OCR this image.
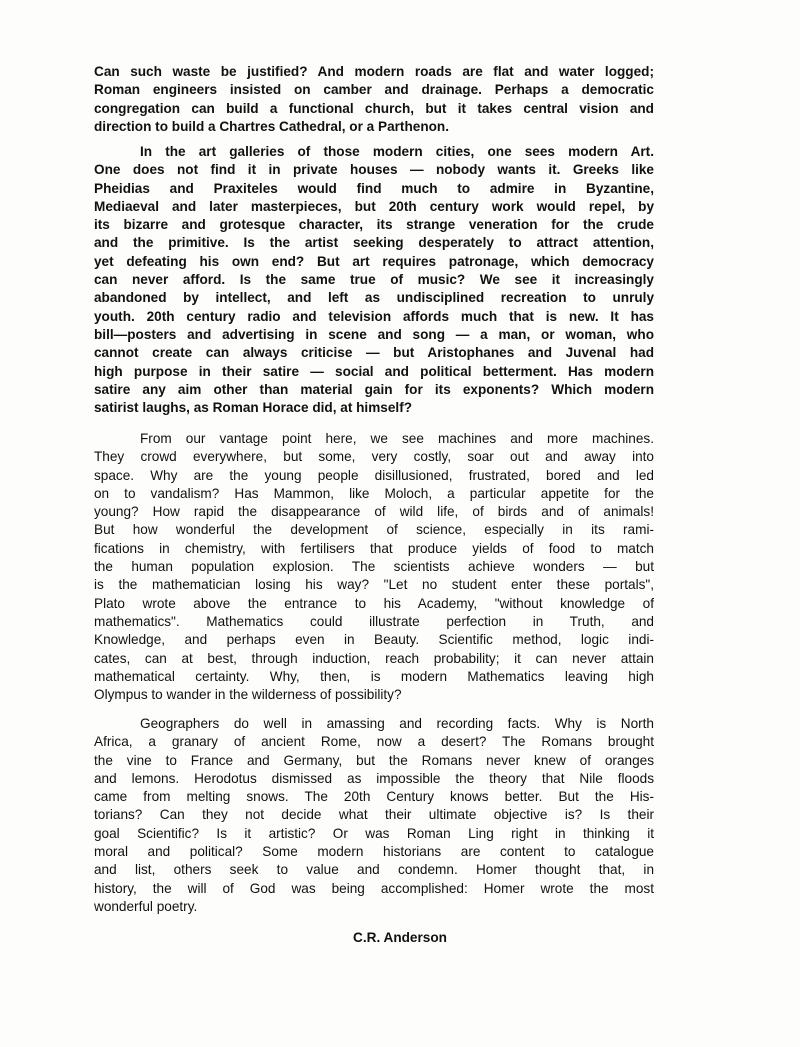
Can such waste be justified? And modern roads are flat and water logged;
Roman engineers insisted on camber and drainage. Perhaps a democratic
congregation can build a functional church, but it takes central vision and
direction to build a Chartres Cathedral, or a Parthenon.
In the art galleries of those modern cities, one sees modern Art.
One does not find it in private houses — nobody wants it. Greeks like
Pheidias and Praxiteles would find much to admire in Byzantine,
Mediaeval and later masterpieces, but 20th century work would repel, by
its bizarre and grotesque character, its strange veneration for the crude
and the primitive. Is the artist seeking desperately to attract attention,
yet defeating his own end? But art requires patronage, which democracy
can never afford. Is the same true of music? We see it increasingly
abandoned by intellect, and left as undisciplined recreation to unruly
youth. 20th century radio and television affords much that is new. It has
bill—posters and advertising in scene and song — a man, or woman, who
cannot create can always criticise — but Aristophanes and Juvenal had
high purpose in their satire — social and political betterment. Has modern
satire any aim other than material gain for its exponents? Which modern
satirist laughs, as Roman Horace did, at himself?
From our vantage point here, we see machines and more machines.
They crowd everywhere, but some, very costly, soar out and away into
space. Why are the young people disillusioned, frustrated, bored and led
on to vandalism? Has Mammon, like Moloch, a particular appetite for the
young? How rapid the disappearance of wild life, of birds and of animals!
But how wonderful the development of science, especially in its rami-
fications in chemistry, with fertilisers that produce yields of food to match
the human population explosion. The scientists achieve wonders — but
is the mathematician losing his way? "Let no student enter these portals",
Plato wrote above the entrance to his Academy, "without knowledge of
mathematics". Mathematics could illustrate perfection in Truth, and
Knowledge, and perhaps even in Beauty. Scientific method, logic indi-
cates, can at best, through induction, reach probability; it can never attain
mathematical certainty. Why, then, is modern Mathematics leaving high
Olympus to wander in the wilderness of possibility?
Geographers do well in amassing and recording facts. Why is North
Africa, a granary of ancient Rome, now a desert? The Romans brought
the vine to France and Germany, but the Romans never knew of oranges
and lemons. Herodotus dismissed as impossible the theory that Nile floods
came from melting snows. The 20th Century knows better. But the His-
torians? Can they not decide what their ultimate objective is? Is their
goal Scientific? Is it artistic? Or was Roman Ling right in thinking it
moral and political? Some modern historians are content to catalogue
and list, others seek to value and condemn. Homer thought that, in
history, the will of God was being accomplished: Homer wrote the most
wonderful poetry.
C.R. Anderson
